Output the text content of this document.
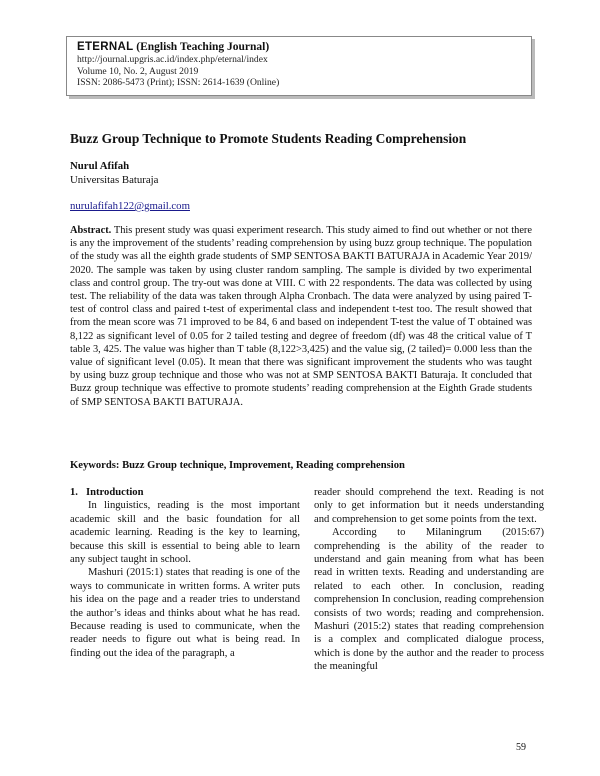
ETERNAL (English Teaching Journal)
http://journal.upgris.ac.id/index.php/eternal/index
Volume 10, No. 2, August 2019
ISSN: 2086-5473 (Print); ISSN: 2614-1639 (Online)
Buzz Group Technique to Promote Students Reading Comprehension
Nurul Afifah
Universitas Baturaja
nurulafifah122@gmail.com

Abstract. This present study was quasi experiment research. This study aimed to find out whether or not there is any the improvement of the students’ reading comprehension by using buzz group technique. The population of the study was all the eighth grade students of SMP SENTOSA BAKTI BATURAJA in Academic Year 2019/ 2020. The sample was taken by using cluster random sampling. The sample is divided by two experimental class and control group. The try-out was done at VIII. C with 22 respondents. The data was collected by using test. The reliability of the data was taken through Alpha Cronbach. The data were analyzed by using paired T-test of control class and paired t-test of experimental class and independent t-test too. The result showed that from the mean score was 71 improved to be 84, 6 and based on independent T-test the value of T obtained was 8,122 as significant level of 0.05 for 2 tailed testing and degree of freedom (df) was 48 the critical value of T table 3, 425. The value was higher than T table (8,122>3,425) and the value sig, (2 tailed)= 0.000 less than the value of significant level (0.05). It mean that there was significant improvement the students who was taught by using buzz group technique and those who was not at SMP SENTOSA BAKTI Baturaja. It concluded that Buzz group technique was effective to promote students’ reading comprehension at the Eighth Grade students of SMP SENTOSA BAKTI BATURAJA.

Keywords: Buzz Group technique, Improvement, Reading comprehension
1. Introduction

In linguistics, reading is the most important academic skill and the basic foundation for all academic learning. Reading is the key to learning, because this skill is essential to being able to learn any subject taught in school.

Mashuri (2015:1) states that reading is one of the ways to communicate in written forms. A writer puts his idea on the page and a reader tries to understand the author’s ideas and thinks about what he has read. Because reading is used to communicate, when the reader needs to figure out what is being read. In finding out the idea of the paragraph, a

reader should comprehend the text. Reading is not only to get information but it needs understanding and comprehension to get some points from the text.

According to Milaningrum (2015:67) comprehending is the ability of the reader to understand and gain meaning from what has been read in written texts. Reading and understanding are related to each other. In conclusion, reading comprehension In conclusion, reading comprehension consists of two words; reading and comprehension. Mashuri (2015:2) states that reading comprehension is a complex and complicated dialogue process, which is done by the author and the reader to process the meaningful

59
